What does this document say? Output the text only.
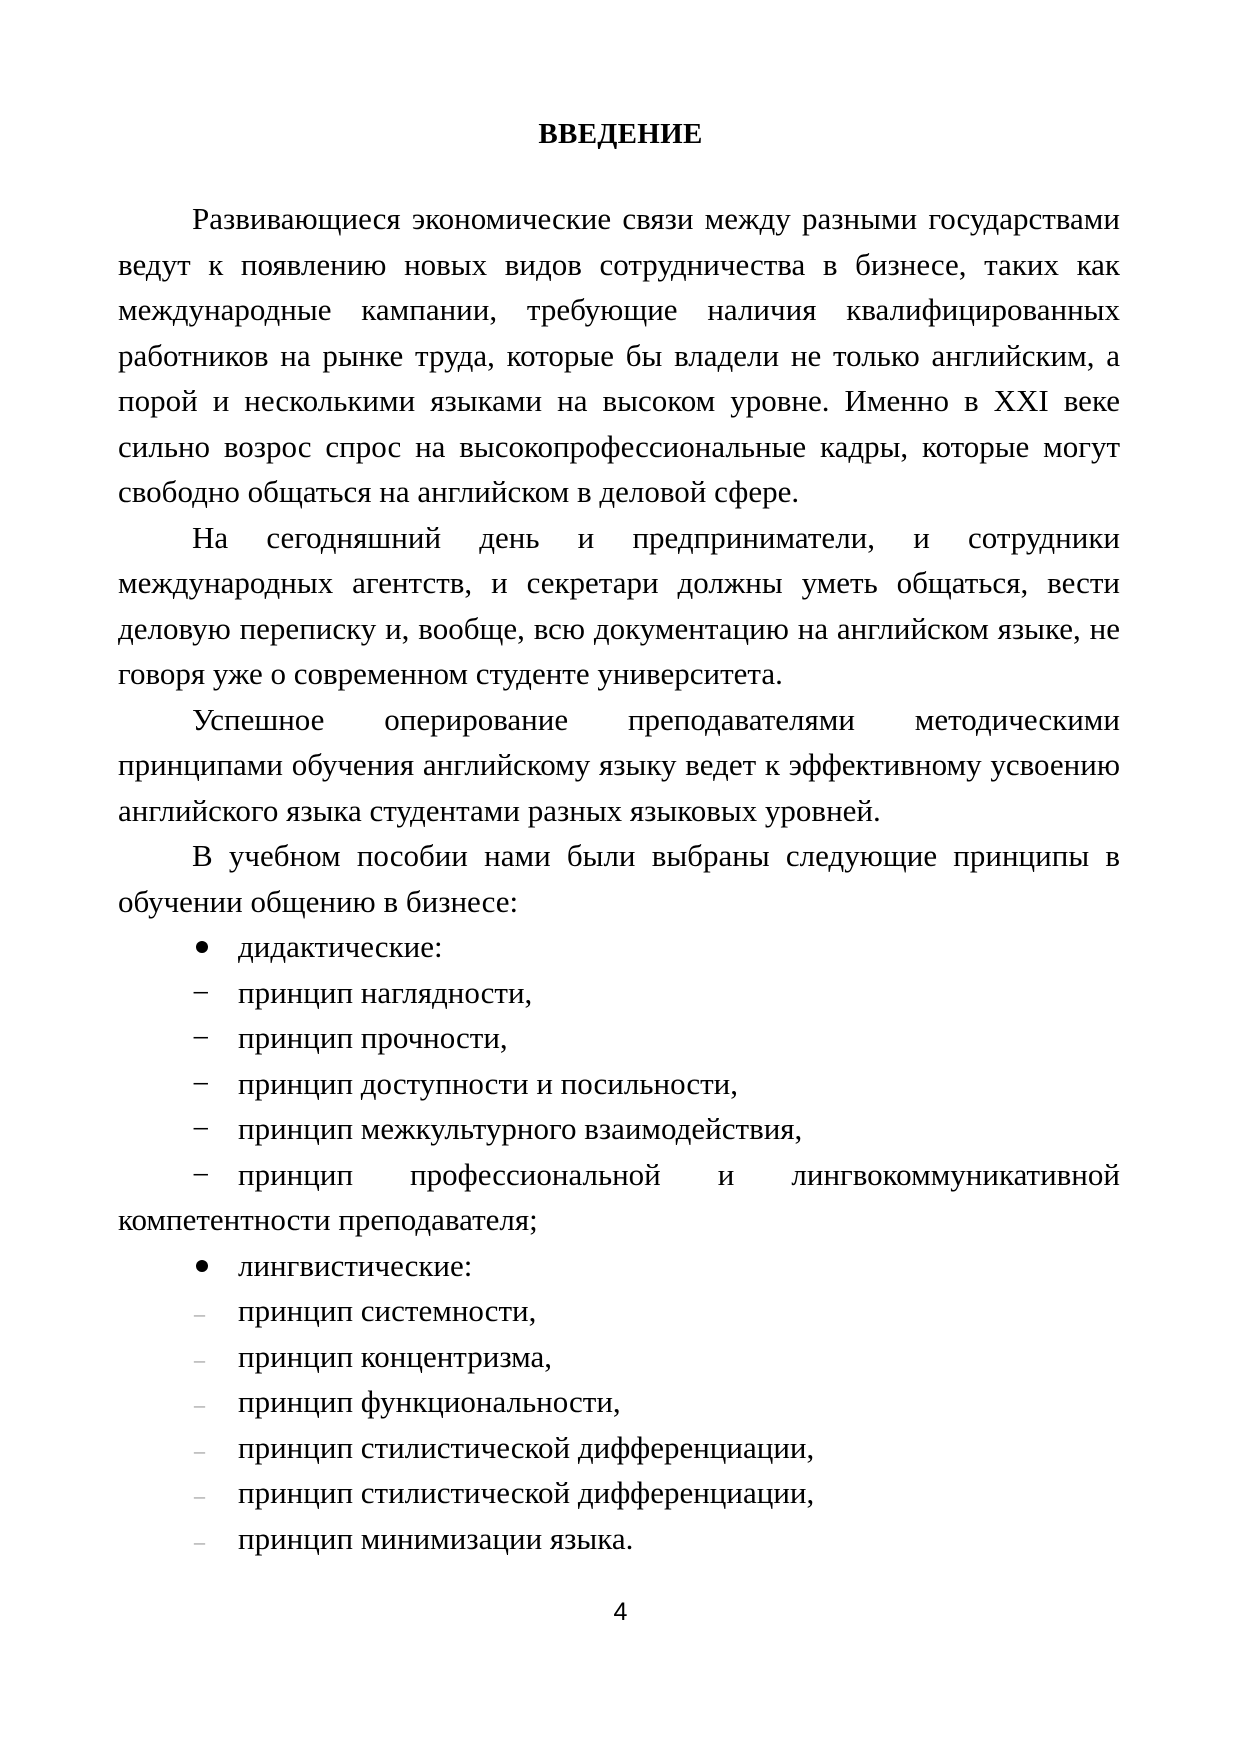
ВВЕДЕНИЕ

Развивающиеся экономические связи между разными государствами ведут к появлению новых видов сотрудничества в бизнесе, таких как международные кампании, требующие наличия квалифицированных работников на рынке труда, которые бы владели не только английским, а порой и несколькими языками на высоком уровне. Именно в XXI веке сильно возрос спрос на высокопрофессиональные кадры, которые могут свободно общаться на английском в деловой сфере.

На сегодняшний день и предприниматели, и сотрудники международных агентств, и секретари должны уметь общаться, вести деловую переписку и, вообще, всю документацию на английском языке, не говоря уже о современном студенте университета.

Успешное оперирование преподавателями методическими принципами обучения английскому языку ведет к эффективному усвоению английского языка студентами разных языковых уровней.

В учебном пособии нами были выбраны следующие принципы в обучении общению в бизнесе:

дидактические:
− принцип наглядности,
− принцип прочности,
− принцип доступности и посильности,
− принцип межкультурного взаимодействия,
− принцип профессиональной и лингвокоммуникативной компетентности преподавателя;
лингвистические:
–	принцип системности,
–	принцип концентризма,
–	принцип функциональности,
–	принцип стилистической дифференциации,
–	принцип стилистической дифференциации,
–	принцип минимизации языка.
4
